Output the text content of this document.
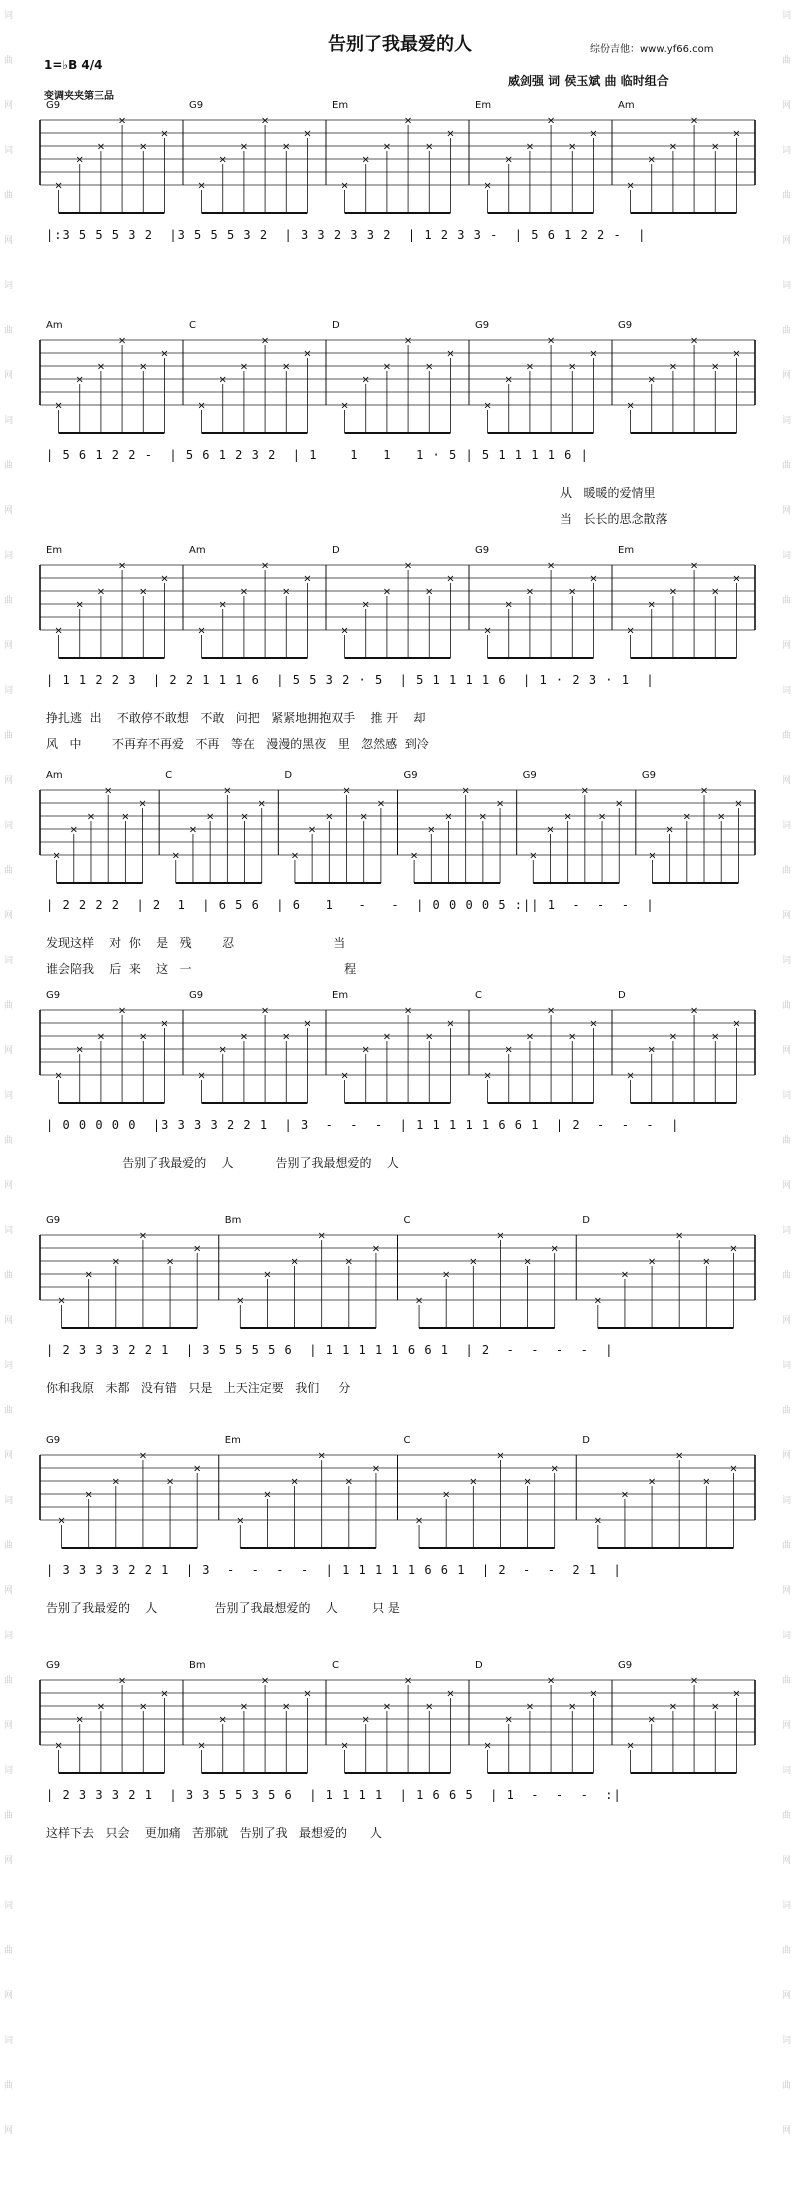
告别了我最爱的人	综份吉他：www.yf66.com
威剑强 词 侯玉斌 曲 临时组合
1=♭B 4/4
变调夹夹第三品
词
曲
网
词
曲
网
词
曲
网
词
曲
网
词
曲
网
词
曲
网
词
曲
网
词
曲
网
词
曲
网
词
曲
网
词
曲
网
词
曲
网
词
曲
网
词
曲
网
词
曲
网
词
曲
网
词
曲
网
词
曲
网
词
曲
网
词
曲
网
词
曲
网
词
曲
网
词
曲
网
词
曲
网
词
曲
网
词
曲
网
词
曲
网
词
曲
网
词
曲
网
词
曲
网
词
曲
网
词
曲
网
G9	G9	Em	Em	Am
×
×
×
×
×
×
×
×
×
×
×
×
×
×
×
×
×
×
×
×
×
×
×
×
×
×
×
×
×
×
|:3 5 5 5 3 2  |3 5 5 5 3 2  | 3 3 2 3 3 2  | 1 2 3 3 -  | 5 6 1 2 2 -  |
Am	C	D	G9	G9
×
×
×
×
×
×
×
×
×
×
×
×
×
×
×
×
×
×
×
×
×
×
×
×
×
×
×
×
×
×
| 5 6 1 2 2 -  | 5 6 1 2 3 2  | 1    1   1   1 · 5 | 5 1 1 1 1 6 |
从   暖暖的爱情里
当   长长的思念散落
Em	Am	D	G9	Em
×
×
×
×
×
×
×
×
×
×
×
×
×
×
×
×
×
×
×
×
×
×
×
×
×
×
×
×
×
×
| 1 1 2 2 3  | 2 2 1 1 1 6  | 5 5 3 2 · 5  | 5 1 1 1 1 6  | 1 · 2 3 · 1  |
挣扎逃  出    不敢停不敢想   不敢   问把   紧紧地拥抱双手    推 开    却
风   中        不再弃不再爱   不再   等在   漫漫的黑夜   里   忽然感  到冷
Am	C	D	G9	G9	G9
×
×
×
×
×
×
×
×
×
×
×
×
×
×
×
×
×
×
×
×
×
×
×
×
×
×
×
×
×
×
×
×
×
×
×
×
| 2 2 2 2  | 2  1  | 6 5 6  | 6   1   -   -  | 0 0 0 0 5 :|| 1  -  -  -  |
发现这样    对  你    是   残        忍                          当
谁会陪我    后  来    这   一                                        程
G9	G9	Em	C	D
×
×
×
×
×
×
×
×
×
×
×
×
×
×
×
×
×
×
×
×
×
×
×
×
×
×
×
×
×
×
| 0 0 0 0 0  |3 3 3 3 2 2 1  | 3  -  -  -  | 1 1 1 1 1 6 6 1  | 2  -  -  -  |
告别了我最爱的    人           告别了我最想爱的    人
G9	Bm	C	D
×
×
×
×
×
×
×
×
×
×
×
×
×
×
×
×
×
×
×
×
×
×
×
×
| 2 3 3 3 2 2 1  | 3 5 5 5 5 6  | 1 1 1 1 1 6 6 1  | 2  -  -  -  -  |
你和我原   未都   没有错   只是   上天注定要   我们     分
G9	Em	C	D
×
×
×
×
×
×
×
×
×
×
×
×
×
×
×
×
×
×
×
×
×
×
×
×
| 3 3 3 3 2 2 1  | 3  -  -  -  -  | 1 1 1 1 1 6 6 1  | 2  -  -  2 1  |
告别了我最爱的    人               告别了我最想爱的    人         只 是
G9	Bm	C	D	G9
×
×
×
×
×
×
×
×
×
×
×
×
×
×
×
×
×
×
×
×
×
×
×
×
×
×
×
×
×
×
| 2 3 3 3 2 1  | 3 3 5 5 3 5 6  | 1 1 1 1  | 1 6 6 5  | 1  -  -  -  :|
这样下去   只会    更加痛   苦那就   告别了我   最想爱的      人
